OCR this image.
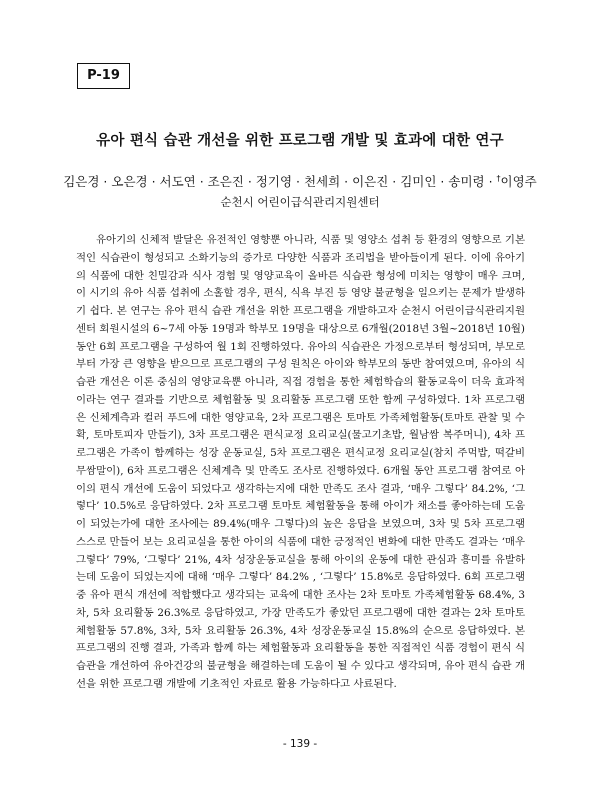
P-19
유아 편식 습관 개선을 위한 프로그램 개발 및 효과에 대한 연구
김은경 · 오은경 · 서도연 · 조은진 · 정기영 · 천세희 · 이은진 · 김미인 · 송미령 · †이영주
순천시 어린이급식관리지원센터

유아기의 신체적 발달은 유전적인 영향뿐 아니라, 식품 및 영양소 섭취 등 환경의 영향으로 기본적인 식습관이 형성되고 소화기능의 증가로 다양한 식품과 조리법을 받아들이게 된다. 이에 유아기의 식품에 대한 친밀감과 식사 경험 및 영양교육이 올바른 식습관 형성에 미치는 영향이 매우 크며, 이 시기의 유아 식품 섭취에 소홀할 경우, 편식, 식욕 부진 등 영양 불균형을 일으키는 문제가 발생하기 쉽다. 본 연구는 유아 편식 습관 개선을 위한 프로그램을 개발하고자 순천시 어린이급식관리지원센터 회원시설의 6~7세 아동 19명과 학부모 19명을 대상으로 6개월(2018년 3월~2018년 10월) 동안 6회 프로그램을 구성하여 월 1회 진행하였다. 유아의 식습관은 가정으로부터 형성되며, 부모로부터 가장 큰 영향을 받으므로 프로그램의 구성 원칙은 아이와 학부모의 동반 참여였으며, 유아의 식습관 개선은 이론 중심의 영양교육뿐 아니라, 직접 경험을 통한 체험학습의 활동교육이 더욱 효과적이라는 연구 결과를 기반으로 체험활동 및 요리활동 프로그램 또한 함께 구성하였다. 1차 프로그램은 신체계측과 컬러 푸드에 대한 영양교육, 2차 프로그램은 토마토 가족체험활동(토마토 관찰 및 수확, 토마토피자 만들기), 3차 프로그램은 편식교정 요리교실(물고기초밥, 월남쌈 복주머니), 4차 프로그램은 가족이 함께하는 성장 운동교실, 5차 프로그램은 편식교정 요리교실(참치 주먹밥, 떡갈비 무쌈말이), 6차 프로그램은 신체계측 및 만족도 조사로 진행하였다. 6개월 동안 프로그램 참여로 아이의 편식 개선에 도움이 되었다고 생각하는지에 대한 만족도 조사 결과, ‘매우 그렇다’ 84.2%, ‘그렇다’ 10.5%로 응답하였다. 2차 프로그램 토마토 체험활동을 통해 아이가 채소를 좋아하는데 도움이 되었는가에 대한 조사에는 89.4%(매우 그렇다)의 높은 응답을 보였으며, 3차 및 5차 프로그램 스스로 만들어 보는 요리교실을 통한 아이의 식품에 대한 긍정적인 변화에 대한 만족도 결과는 ‘매우 그렇다’ 79%, ‘그렇다’ 21%, 4차 성장운동교실을 통해 아이의 운동에 대한 관심과 흥미를 유발하는데 도움이 되었는지에 대해 ‘매우 그렇다’ 84.2% , ‘그렇다’ 15.8%로 응답하였다. 6회 프로그램 중 유아 편식 개선에 적합했다고 생각되는 교육에 대한 조사는 2차 토마토 가족체험활동 68.4%, 3차, 5차 요리활동 26.3%로 응답하였고, 가장 만족도가 좋았던 프로그램에 대한 결과는 2차 토마토 체험활동 57.8%, 3차, 5차 요리활동 26.3%, 4차 성장운동교실 15.8%의 순으로 응답하였다. 본 프로그램의 진행 결과, 가족과 함께 하는 체험활동과 요리활동을 통한 직접적인 식품 경험이 편식 식습관을 개선하여 유아건강의 불균형을 해결하는데 도움이 될 수 있다고 생각되며, 유아 편식 습관 개선을 위한 프로그램 개발에 기초적인 자료로 활용 가능하다고 사료된다.

- 139 -
